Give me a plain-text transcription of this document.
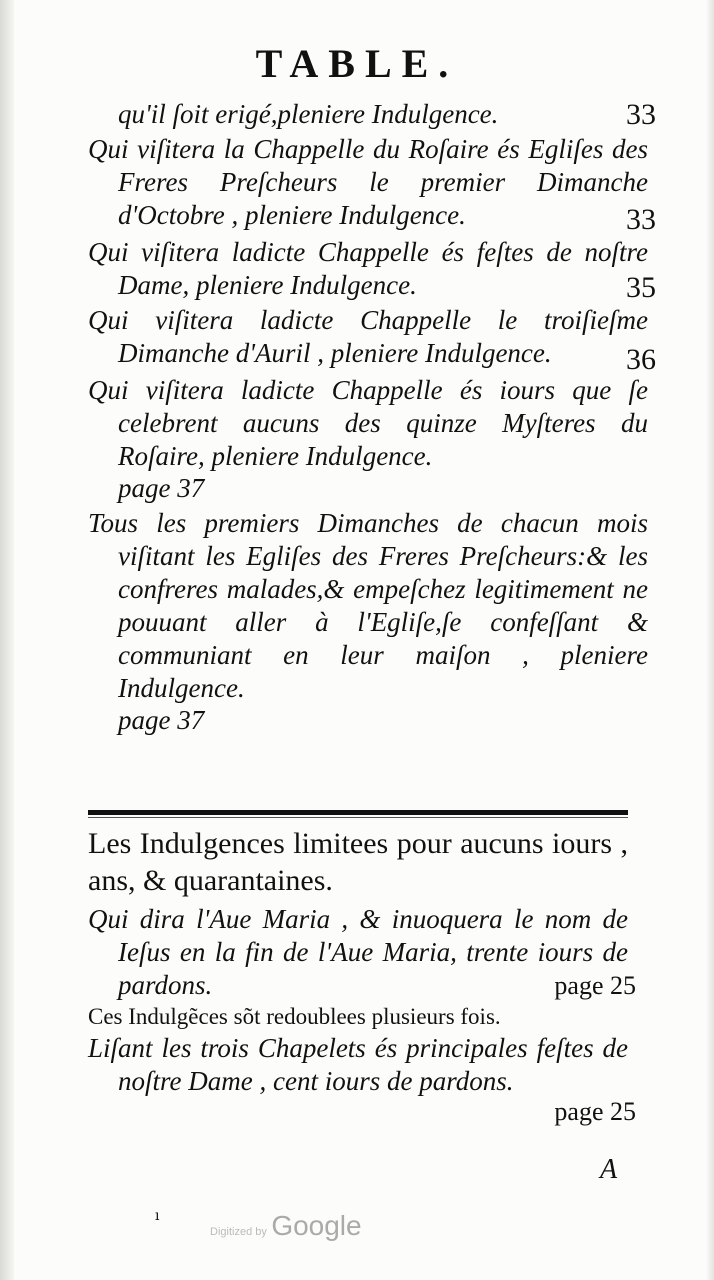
TABLE.
qu'il ſoit erigé,pleniere Indulgence.	33
Qui viſitera la Chappelle du Roſaire és Egliſes des Freres Preſcheurs le premier Dimanche d'Octobre , pleniere Indulgence.	33
Qui viſitera ladicte Chappelle és feſtes de noſtre Dame, pleniere Indulgence.	35
Qui viſitera ladicte Chappelle le troiſieſme Dimanche d'Auril , pleniere Indulgence.	36
Qui viſitera ladicte Chappelle és iours que ſe celebrent aucuns des quinze Myſteres du Roſaire, pleniere Indulgence.
page 37
Tous les premiers Dimanches de chacun mois viſitant les Egliſes des Freres Preſcheurs:& les confreres malades,& empeſchez legitimement ne pouuant aller à l'Egliſe,ſe confeſſant & communiant en leur maiſon , pleniere Indulgence.
page 37
Les Indulgences limitees pour aucuns iours , ans, & quarantaines.
Qui dira l'Aue Maria , & inuoquera le nom de Ieſus en la fin de l'Aue Maria, trente iours de pardons.	page 25
Ces Indulgẽces sõt redoublees plusieurs fois.
Liſant les trois Chapelets és principales feſtes de noſtre Dame , cent iours de pardons.
page 25
A
ı
Digitized by Google
